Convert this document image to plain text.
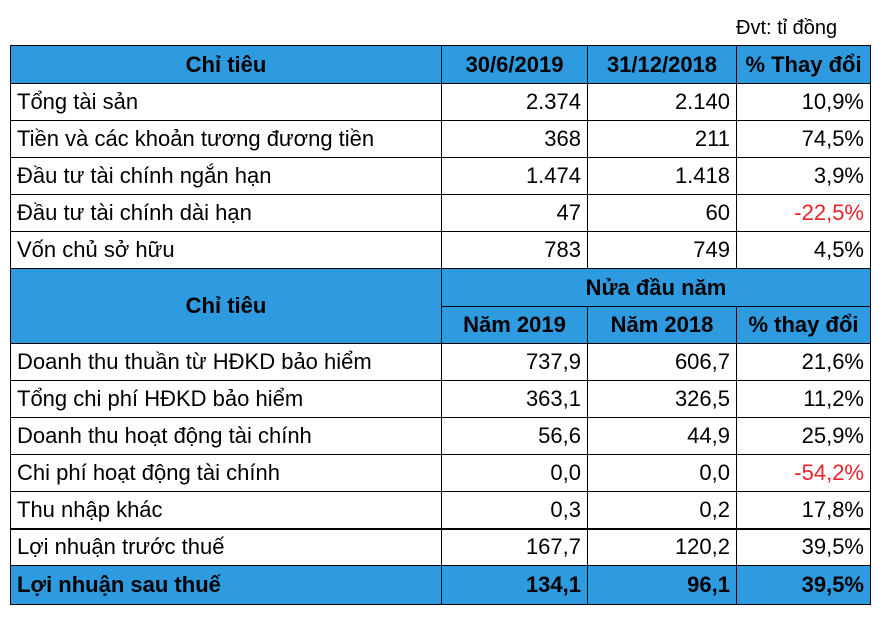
Đvt: tỉ đồng
Chỉ tiêu	30/6/2019	31/12/2018	% Thay đổi
Tổng tài sản	2.374	2.140	10,9%
Tiền và các khoản tương đương tiền	368	211	74,5%
Đầu tư tài chính ngắn hạn	1.474	1.418	3,9%
Đầu tư tài chính dài hạn	47	60	-22,5%
Vốn chủ sở hữu	783	749	4,5%
Chỉ tiêu	Nửa đầu năm		
	Năm 2019	Năm 2018	% thay đổi
Doanh thu thuần từ HĐKD bảo hiểm	737,9	606,7	21,6%
Tổng chi phí HĐKD bảo hiểm	363,1	326,5	11,2%
Doanh thu hoạt động tài chính	56,6	44,9	25,9%
Chi phí hoạt động tài chính	0,0	0,0	-54,2%
Thu nhập khác	0,3	0,2	17,8%
Lợi nhuận trước thuế	167,7	120,2	39,5%
Lợi nhuận sau thuế	134,1	96,1	39,5%
